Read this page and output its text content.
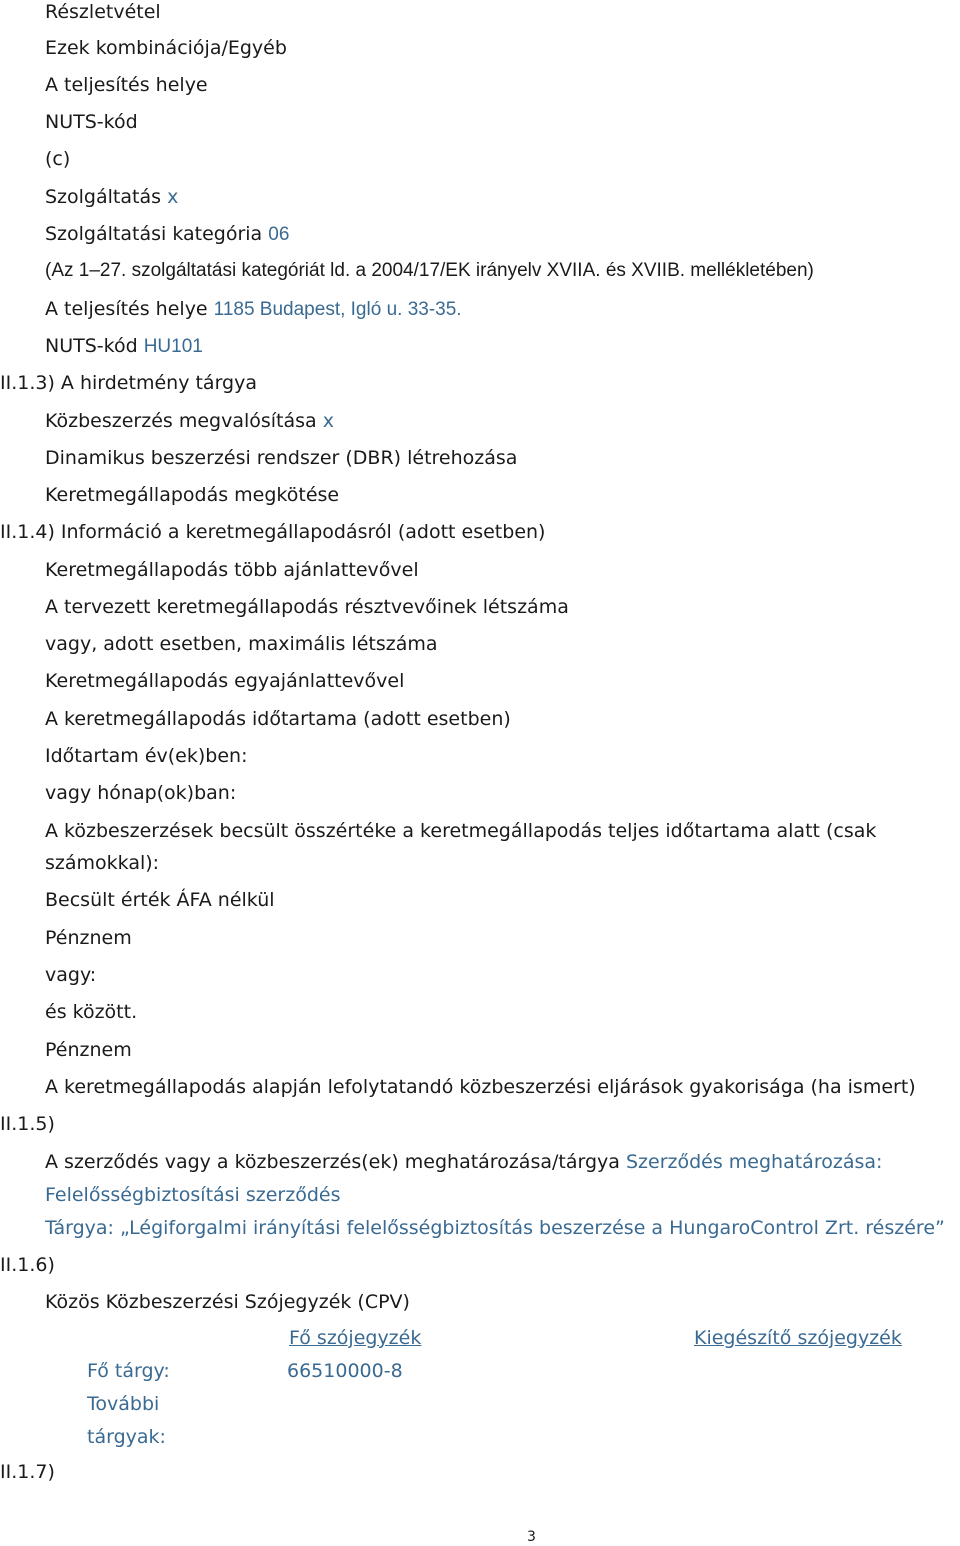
Részletvétel
Ezek kombinációja/Egyéb
A teljesítés helye
NUTS-kód
(c)
Szolgáltatás x
Szolgáltatási kategória 06
(Az 1–27. szolgáltatási kategóriát ld. a 2004/17/EK irányelv XVIIA. és XVIIB. mellékletében)
A teljesítés helye 1185 Budapest, Igló u. 33-35.
NUTS-kód HU101
II.1.3) A hirdetmény tárgya
Közbeszerzés megvalósítása x
Dinamikus beszerzési rendszer (DBR) létrehozása
Keretmegállapodás megkötése
II.1.4) Információ a keretmegállapodásról (adott esetben)
Keretmegállapodás több ajánlattevővel
A tervezett keretmegállapodás résztvevőinek létszáma
vagy, adott esetben, maximális létszáma
Keretmegállapodás egyajánlattevővel
A keretmegállapodás időtartama (adott esetben)
Időtartam év(ek)ben:
vagy hónap(ok)ban:
A közbeszerzések becsült összértéke a keretmegállapodás teljes időtartama alatt (csak
számokkal):
Becsült érték ÁFA nélkül
Pénznem
vagy:
és között.
Pénznem
A keretmegállapodás alapján lefolytatandó közbeszerzési eljárások gyakorisága (ha ismert)
II.1.5)
A szerződés vagy a közbeszerzés(ek) meghatározása/tárgya Szerződés meghatározása:
Felelősségbiztosítási szerződés
Tárgya: „Légiforgalmi irányítási felelősségbiztosítás beszerzése a HungaroControl Zrt. részére”
II.1.6)
Közös Közbeszerzési Szójegyzék (CPV)
Fő szójegyzék	Kiegészítő szójegyzék
Fő tárgy:	66510000-8
További
tárgyak:
II.1.7)
3
